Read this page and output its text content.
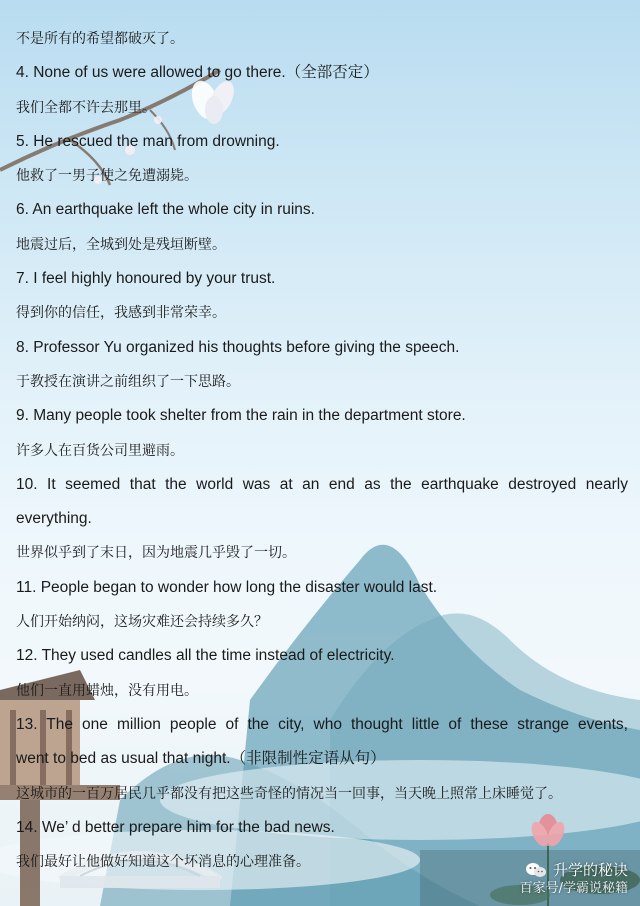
不是所有的希望都破灭了。
4. None of us were allowed to go there.（全部否定）
我们全都不许去那里。
5. He rescued the man from drowning.
他救了一男子使之免遭溺毙。
6. An earthquake left the whole city in ruins.
地震过后，全城到处是残垣断壁。
7. I feel highly honoured by your trust.
得到你的信任，我感到非常荣幸。
8. Professor Yu organized his thoughts before giving the speech.
于教授在演讲之前组织了一下思路。
9. Many people took shelter from the rain in the department store.
许多人在百货公司里避雨。
10. It seemed that the world was at an end as the earthquake destroyed nearly
everything.
世界似乎到了末日，因为地震几乎毁了一切。
11. People began to wonder how long the disaster would last.
人们开始纳闷，这场灾难还会持续多久？
12. They used candles all the time instead of electricity.
他们一直用蜡烛，没有用电。
13. The one million people of the city, who thought little of these strange events,
went to bed as usual that night.（非限制性定语从句）
这城市的一百万居民几乎都没有把这些奇怪的情况当一回事，当天晚上照常上床睡觉了。
14. We’ d better prepare him for the bad news.
我们最好让他做好知道这个坏消息的心理准备。	升学的秘诀
百家号/学霸说秘籍
